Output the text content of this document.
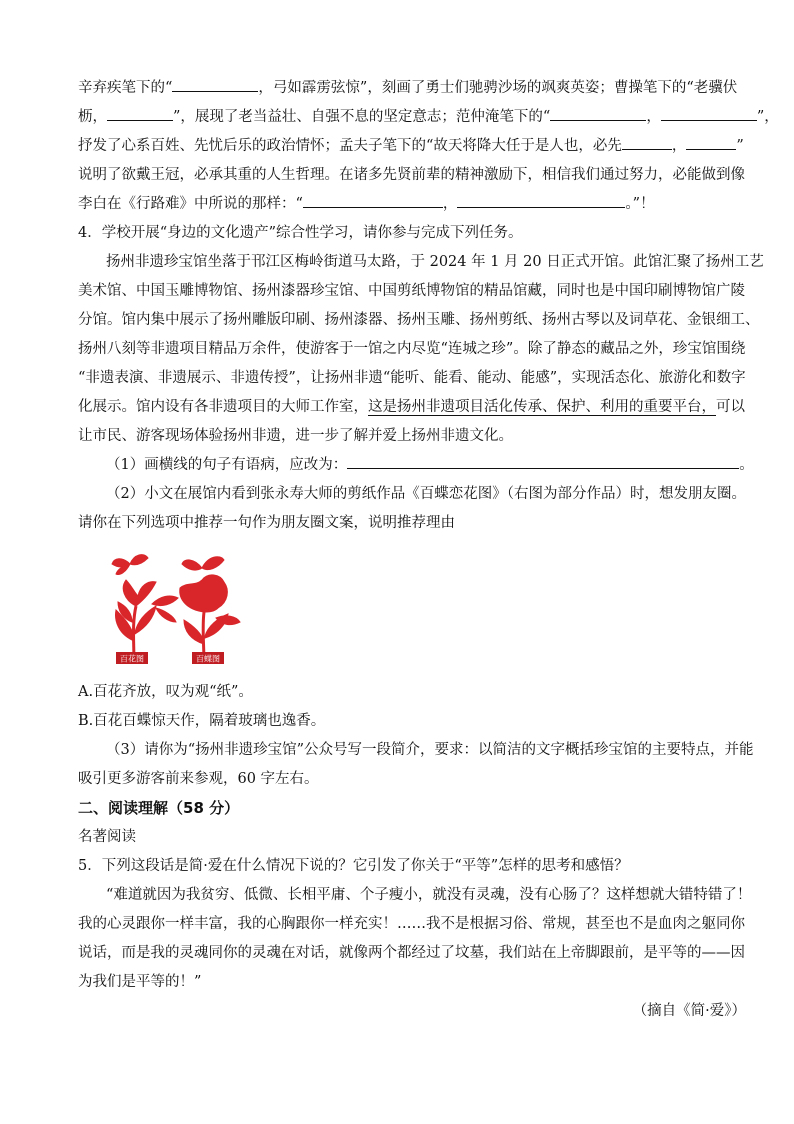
辛弃疾笔下的“	，弓如霹雳弦惊”，刻画了勇士们驰骋沙场的飒爽英姿；曹操笔下的“老骥伏
枥，	”，展现了老当益壮、自强不息的坚定意志；范仲淹笔下的“	，	”，
抒发了心系百姓、先忧后乐的政治情怀；孟夫子笔下的“故天将降大任于是人也，必先	，	”
说明了欲戴王冠，必承其重的人生哲理。在诸多先贤前辈的精神激励下，相信我们通过努力，必能做到像
李白在《行路难》中所说的那样：“	，	。”！
4．学校开展“身边的文化遗产”综合性学习，请你参与完成下列任务。
扬州非遗珍宝馆坐落于邗江区梅岭街道马太路，于 2024 年 1 月 20 日正式开馆。此馆汇聚了扬州工艺
美术馆、中国玉雕博物馆、扬州漆器珍宝馆、中国剪纸博物馆的精品馆藏，同时也是中国印刷博物馆广陵
分馆。馆内集中展示了扬州雕版印刷、扬州漆器、扬州玉雕、扬州剪纸、扬州古琴以及词草花、金银细工、
扬州八刻等非遗项目精品万余件，使游客于一馆之内尽览“连城之珍”。除了静态的藏品之外，珍宝馆围绕
“非遗表演、非遗展示、非遗传授”，让扬州非遗“能听、能看、能动、能感”，实现活态化、旅游化和数字
化展示。馆内设有各非遗项目的大师工作室，这是扬州非遗项目活化传承、保护、利用的重要平台，可以
让市民、游客现场体验扬州非遗，进一步了解并爱上扬州非遗文化。
（1）画横线的句子有语病，应改为：	。
（2）小文在展馆内看到张永寿大师的剪纸作品《百蝶恋花图》（右图为部分作品）时，想发朋友圈。
请你在下列选项中推荐一句作为朋友圈文案，说明推荐理由
百花图	百蝶图
A.百花齐放，叹为观“纸”。
B.百花百蝶惊天作，隔着玻璃也逸香。
（3）请你为“扬州非遗珍宝馆”公众号写一段简介，要求：以简洁的文字概括珍宝馆的主要特点，并能
吸引更多游客前来参观，60 字左右。
二、阅读理解（58 分）
名著阅读
5．下列这段话是简·爱在什么情况下说的？它引发了你关于“平等”怎样的思考和感悟？
“难道就因为我贫穷、低微、长相平庸、个子瘦小，就没有灵魂，没有心肠了？这样想就大错特错了！
我的心灵跟你一样丰富，我的心胸跟你一样充实！……我不是根据习俗、常规，甚至也不是血肉之躯同你
说话，而是我的灵魂同你的灵魂在对话，就像两个都经过了坟墓，我们站在上帝脚跟前，是平等的——因
为我们是平等的！”
（摘自《简·爱》）
